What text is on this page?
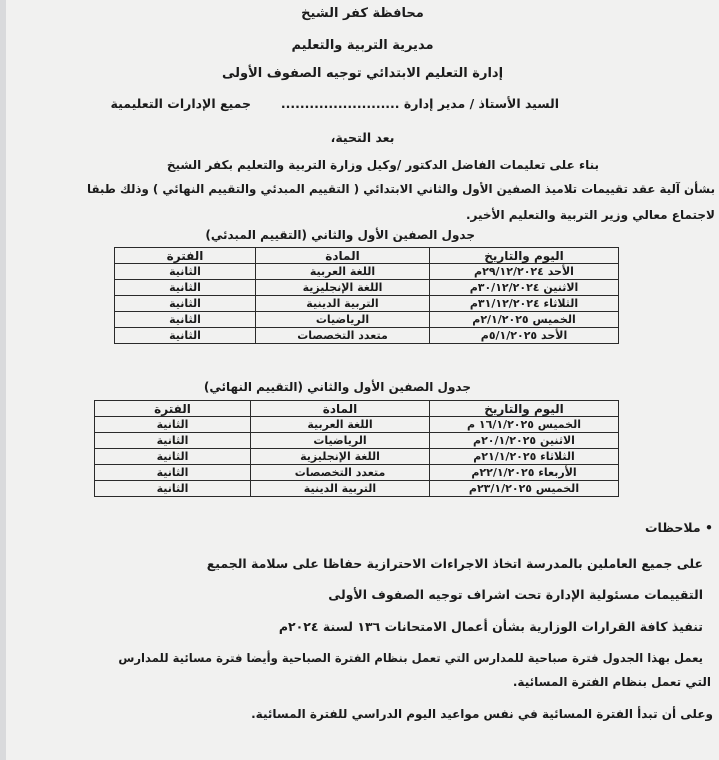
محافظة كفر الشيخ
مديرية التربية والتعليم
إدارة التعليم الابتدائي توجيه الصفوف الأولى
السيد الأستاذ / مدير إدارة .........................
جميع الإدارات التعليمية
بعد التحية،
بناء على تعليمات الفاضل الدكتور /وكيل وزارة التربية والتعليم بكفر الشيخ
بشأن آلية عقد تقييمات تلاميذ الصفين الأول والثاني الابتدائي ( التقييم المبدئي والتقييم النهائي ) وذلك طبقا
لاجتماع معالي وزير التربية والتعليم الأخير.
جدول الصفين الأول والثاني (التقييم المبدئي)
اليوم والتاريخ	المادة	الفترة
الأحد ٢٩/١٢/٢٠٢٤م	اللغة العربية	الثانية
الاثنين ٣٠/١٢/٢٠٢٤م	اللغة الإنجليزية	الثانية
الثلاثاء ٣١/١٢/٢٠٢٤م	التربية الدينية	الثانية
الخميس ٢/١/٢٠٢٥م	الرياضيات	الثانية
الأحد ٥/١/٢٠٢٥م	متعدد التخصصات	الثانية
جدول الصفين الأول والثاني (التقييم النهائي)
اليوم والتاريخ	المادة	الفترة
الخميس ١٦/١/٢٠٢٥ م	اللغة العربية	الثانية
الاثنين ٢٠/١/٢٠٢٥م	الرياضيات	الثانية
الثلاثاء ٢١/١/٢٠٢٥م	اللغة الإنجليزية	الثانية
الأربعاء ٢٢/١/٢٠٢٥م	متعدد التخصصات	الثانية
الخميس ٢٣/١/٢٠٢٥م	التربية الدينية	الثانية
• ملاحظات
على جميع العاملين بالمدرسة اتخاذ الاجراءات الاحترازية حفاظا على سلامة الجميع
التقييمات مسئولية الإدارة تحت اشراف توجيه الصفوف الأولى
تنفيذ كافة القرارات الوزارية بشأن أعمال الامتحانات ١٣٦ لسنة ٢٠٢٤م
يعمل بهذا الجدول فترة صباحية للمدارس التي تعمل بنظام الفترة الصباحية وأيضا فترة مسائية للمدارس
التي تعمل بنظام الفترة المسائية.
وعلى أن تبدأ الفترة المسائية في نفس مواعيد اليوم الدراسي للفترة المسائية.
